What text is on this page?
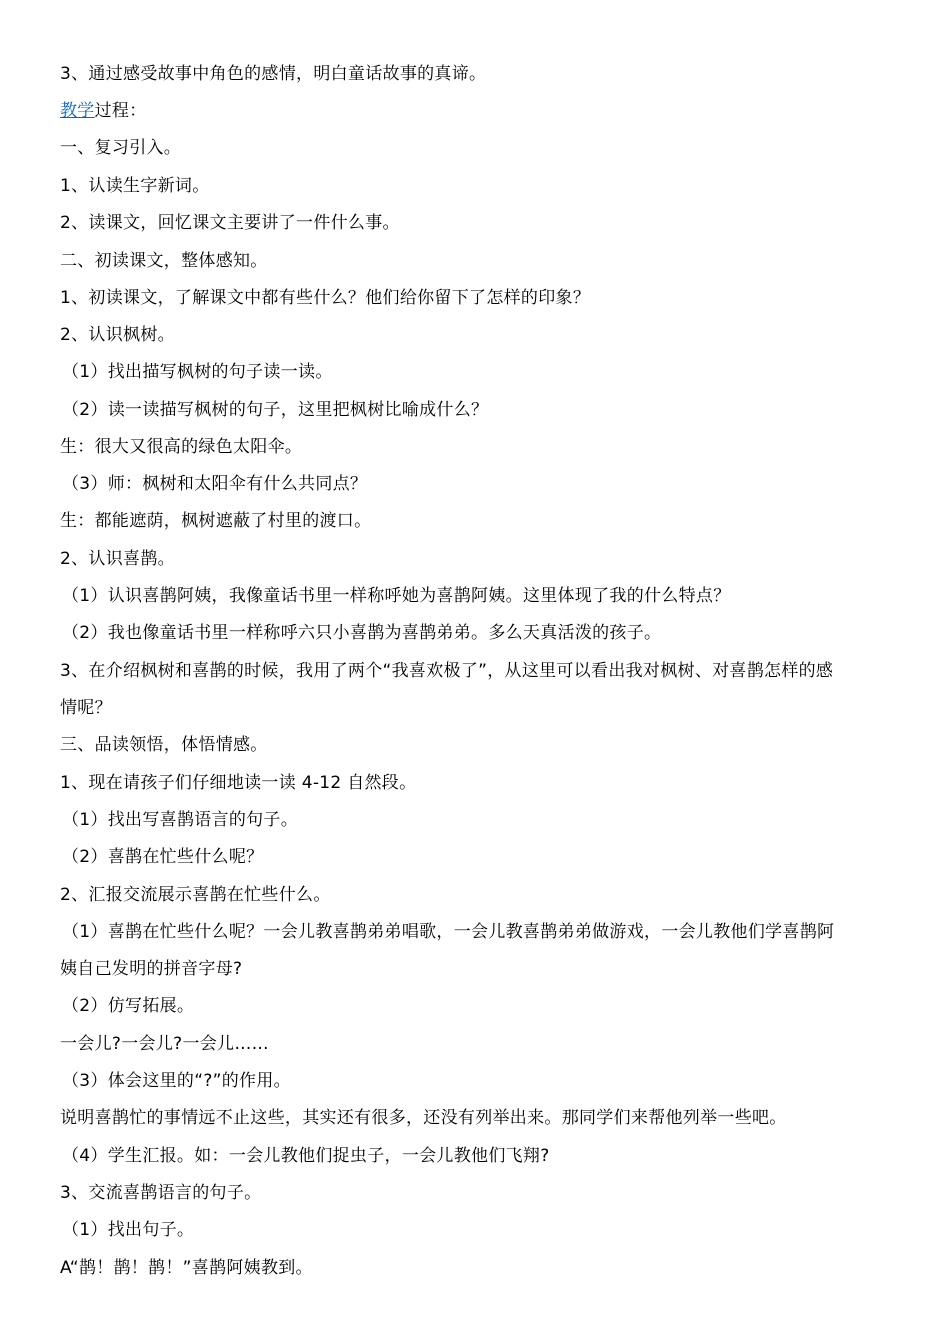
3、通过感受故事中角色的感情，明白童话故事的真谛。
教学过程：
一、复习引入。
1、认读生字新词。
2、读课文，回忆课文主要讲了一件什么事。
二、初读课文，整体感知。
1、初读课文，了解课文中都有些什么？他们给你留下了怎样的印象？
2、认识枫树。
（1）找出描写枫树的句子读一读。
（2）读一读描写枫树的句子，这里把枫树比喻成什么？
生：很大又很高的绿色太阳伞。
（3）师：枫树和太阳伞有什么共同点？
生：都能遮荫，枫树遮蔽了村里的渡口。
2、认识喜鹊。
（1）认识喜鹊阿姨，我像童话书里一样称呼她为喜鹊阿姨。这里体现了我的什么特点？
（2）我也像童话书里一样称呼六只小喜鹊为喜鹊弟弟。多么天真活泼的孩子。
3、在介绍枫树和喜鹊的时候，我用了两个“我喜欢极了”，从这里可以看出我对枫树、对喜鹊怎样的感
情呢？
三、品读领悟，体悟情感。
1、现在请孩子们仔细地读一读 4-12 自然段。
（1）找出写喜鹊语言的句子。
（2）喜鹊在忙些什么呢？
2、汇报交流展示喜鹊在忙些什么。
（1）喜鹊在忙些什么呢？一会儿教喜鹊弟弟唱歌，一会儿教喜鹊弟弟做游戏，一会儿教他们学喜鹊阿
姨自己发明的拼音字母?
（2）仿写拓展。
一会儿?一会儿?一会儿……
（3）体会这里的“?”的作用。
说明喜鹊忙的事情远不止这些，其实还有很多，还没有列举出来。那同学们来帮他列举一些吧。
（4）学生汇报。如：一会儿教他们捉虫子，一会儿教他们飞翔?
3、交流喜鹊语言的句子。
（1）找出句子。
A“鹊！鹊！鹊！”喜鹊阿姨教到。
